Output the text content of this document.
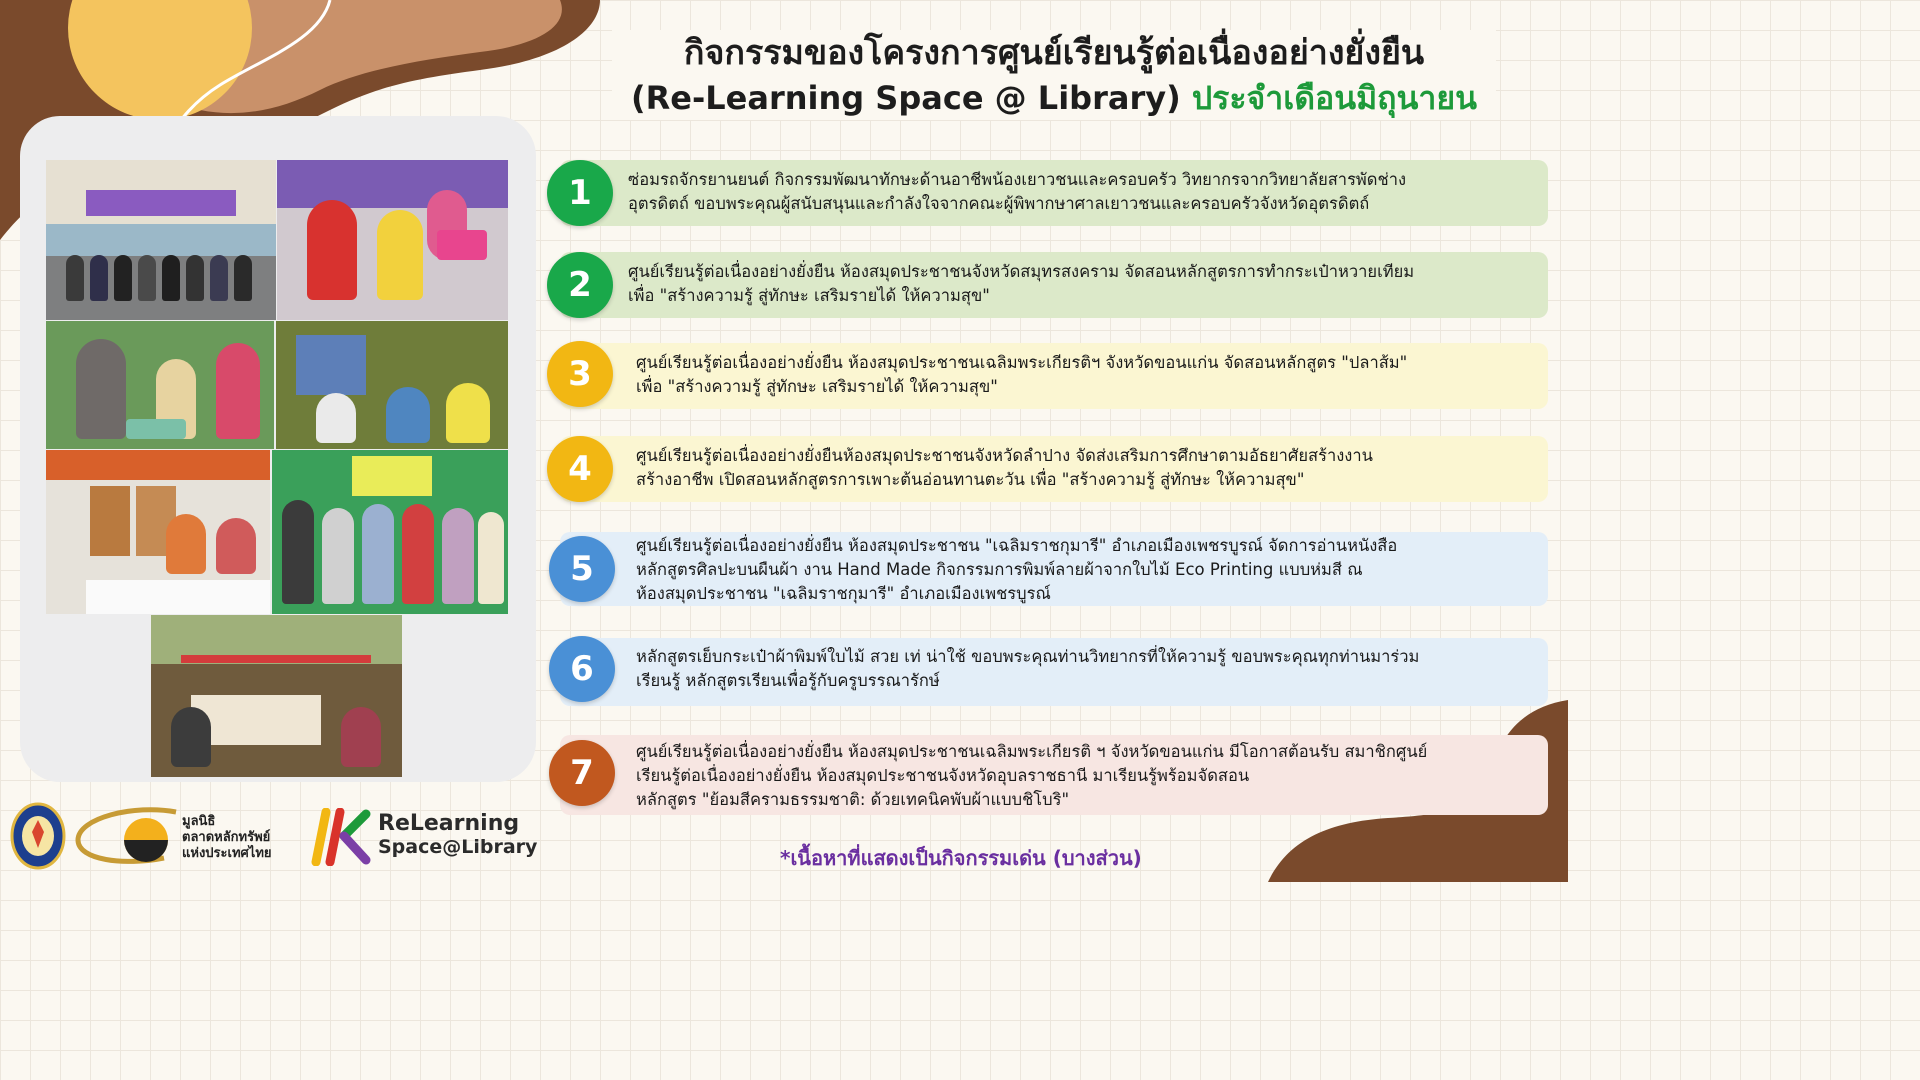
กิจกรรมของโครงการศูนย์เรียนรู้ต่อเนื่องอย่างยั่งยืน
(Re-Learning Space @ Library) ประจำเดือนมิถุนายน
1	ซ่อมรถจักรยานยนต์ กิจกรรมพัฒนาทักษะด้านอาชีพน้องเยาวชนและครอบครัว วิทยากรจากวิทยาลัยสารพัดช่าง
อุตรดิตถ์ ขอบพระคุณผู้สนับสนุนและกำลังใจจากคณะผู้พิพากษาศาลเยาวชนและครอบครัวจังหวัดอุตรดิตถ์
2	ศูนย์เรียนรู้ต่อเนื่องอย่างยั่งยืน ห้องสมุดประชาชนจังหวัดสมุทรสงคราม จัดสอนหลักสูตรการทำกระเป๋าหวายเทียม
เพื่อ "สร้างความรู้ สู่ทักษะ เสริมรายได้ ให้ความสุข"
3	ศูนย์เรียนรู้ต่อเนื่องอย่างยั่งยืน ห้องสมุดประชาชนเฉลิมพระเกียรติฯ จังหวัดขอนแก่น จัดสอนหลักสูตร "ปลาส้ม"
เพื่อ "สร้างความรู้ สู่ทักษะ เสริมรายได้ ให้ความสุข"
4	ศูนย์เรียนรู้ต่อเนื่องอย่างยั่งยืนห้องสมุดประชาชนจังหวัดลำปาง จัดส่งเสริมการศึกษาตามอัธยาศัยสร้างงาน
สร้างอาชีพ เปิดสอนหลักสูตรการเพาะต้นอ่อนทานตะวัน เพื่อ "สร้างความรู้ สู่ทักษะ ให้ความสุข"
5
ศูนย์เรียนรู้ต่อเนื่องอย่างยั่งยืน ห้องสมุดประชาชน "เฉลิมราชกุมารี" อำเภอเมืองเพชรบูรณ์ จัดการอ่านหนังสือ
หลักสูตรศิลปะบนผืนผ้า งาน Hand Made กิจกรรมการพิมพ์ลายผ้าจากใบไม้ Eco Printing แบบห่มสี ณ
ห้องสมุดประชาชน "เฉลิมราชกุมารี" อำเภอเมืองเพชรบูรณ์
6	หลักสูตรเย็บกระเป๋าผ้าพิมพ์ใบไม้ สวย เท่ น่าใช้ ขอบพระคุณท่านวิทยากรที่ให้ความรู้ ขอบพระคุณทุกท่านมาร่วม
เรียนรู้ หลักสูตรเรียนเพื่อรู้กับครูบรรณารักษ์
7
ศูนย์เรียนรู้ต่อเนื่องอย่างยั่งยืน ห้องสมุดประชาชนเฉลิมพระเกียรติ ฯ จังหวัดขอนแก่น มีโอกาสต้อนรับ สมาชิกศูนย์
เรียนรู้ต่อเนื่องอย่างยั่งยืน ห้องสมุดประชาชนจังหวัดอุบลราชธานี มาเรียนรู้พร้อมจัดสอน
หลักสูตร "ย้อมสีครามธรรมชาติ: ด้วยเทคนิคพับผ้าแบบชิโบริ"
มูลนิธิ
ตลาดหลักทรัพย์
แห่งประเทศไทย
ReLearning
Space@Library	*เนื้อหาที่แสดงเป็นกิจกรรมเด่น (บางส่วน)
